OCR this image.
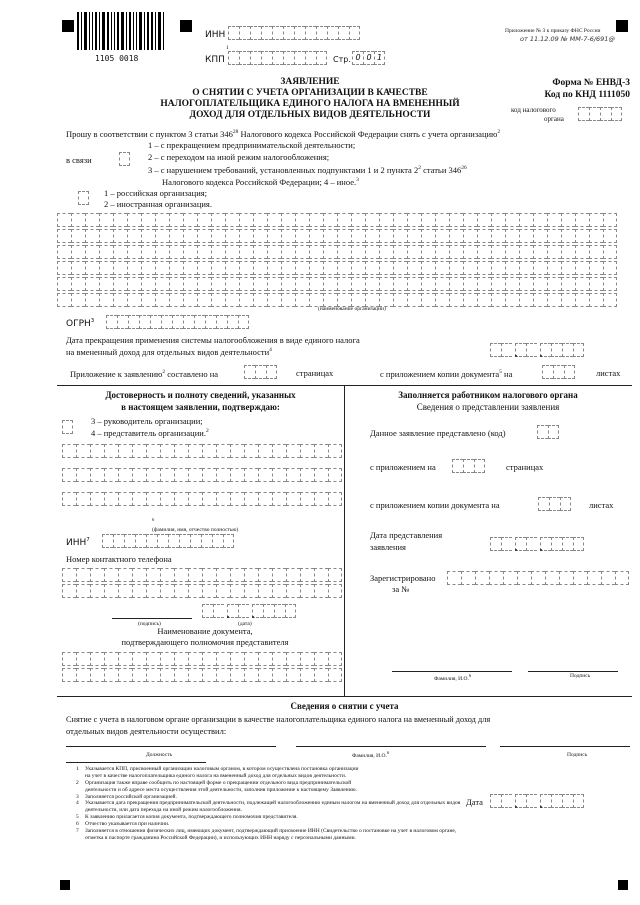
1105 0018
ИНН
1
КПП	Стр. 0 0 1
Приложение № 3 к приказу ФНС России
от 11.12.09 № ММ-7-6/691@
ЗАЯВЛЕНИЕ
О СНЯТИИ С УЧЕТА ОРГАНИЗАЦИИ В КАЧЕСТВЕ
НАЛОГОПЛАТЕЛЬЩИКА ЕДИНОГО НАЛОГА НА ВМЕНЕННЫЙ
ДОХОД ДЛЯ ОТДЕЛЬНЫХ ВИДОВ ДЕЯТЕЛЬНОСТИ
Форма № ЕНВД-3
Код по КНД 1111050
код налогового
органа
Прошу в соответствии с пунктом 3 статьи $346^{28}$ Налогового кодекса Российской Федерации снять с учета организацию$^2$
в связи
1 – с прекращением предпринимательской деятельности;
2 – с переходом на иной режим налогообложения;
3 – с нарушением требований, установленных подпунктами 1 и 2 пункта $2^2$ статьи $346^{26}$
Налогового кодекса Российской Федерации; 4 – иное.$^3$
1 – российская организация;
2 – иностранная организация.
(наименование организации)
ОГРН$^3$
Дата прекращения применения системы налогообложения в виде единого налога
на вмененный доход для отдельных видов деятельности$^4$
Приложение к заявлению$^2$ составлено на	страницах	с приложением копии документа$^5$ на	листах
Достоверность и полноту сведений, указанных
в настоящем заявлении, подтверждаю:
3 – руководитель организации;
4 – представитель организации.$^2$
$^6$
(фамилия, имя, отчество полностью)
ИНН$^7$
Номер контактного телефона
(подпись)	(дата)
Наименование документа,
подтверждающего полномочия представителя
Заполняется работником налогового органа
Сведения о представлении заявления
Данное заявление представлено (код)
с приложением на	страницах
с приложением копии документа на	листах
Дата представления
заявления
Зарегистрировано
за №
Фамилия, И.О.$^6$	Подпись
Сведения о снятии с учета
Снятие с учета в налоговом органе организации в качестве налогоплательщика единого налога на вмененный доход для
отдельных видов деятельности осуществил:
Должность	Фамилия, И.О.$^6$	Подпись
1 Указывается КПП, присвоенный организации налоговым органом, в котором осуществлена постановка организации
на учет в качестве налогоплательщика единого налога на вмененный доход для отдельных видов деятельности.
2 Организация также вправе сообщить по настоящей форме о прекращении отдельного вида предпринимательской
деятельности и об адресе места осуществления этой деятельности, заполнив приложение к настоящему Заявлению.
3 Заполняется российской организацией.
4 Указывается дата прекращения предпринимательской деятельности, подлежащей налогообложению единым налогом на вмененный доход для отдельных видов
деятельности, или дата перехода на иной режим налогообложения.
5 К заявлению прилагается копия документа, подтверждающего полномочия представителя.
6 Отчество указывается при наличии.
7 Заполняется в отношении физических лиц, имеющих документ, подтверждающий присвоение ИНН (Свидетельство о постановке на учет в налоговом органе,
отметка в паспорте гражданина Российской Федерации), и использующих ИНН наряду с персональными данными.
Дата
